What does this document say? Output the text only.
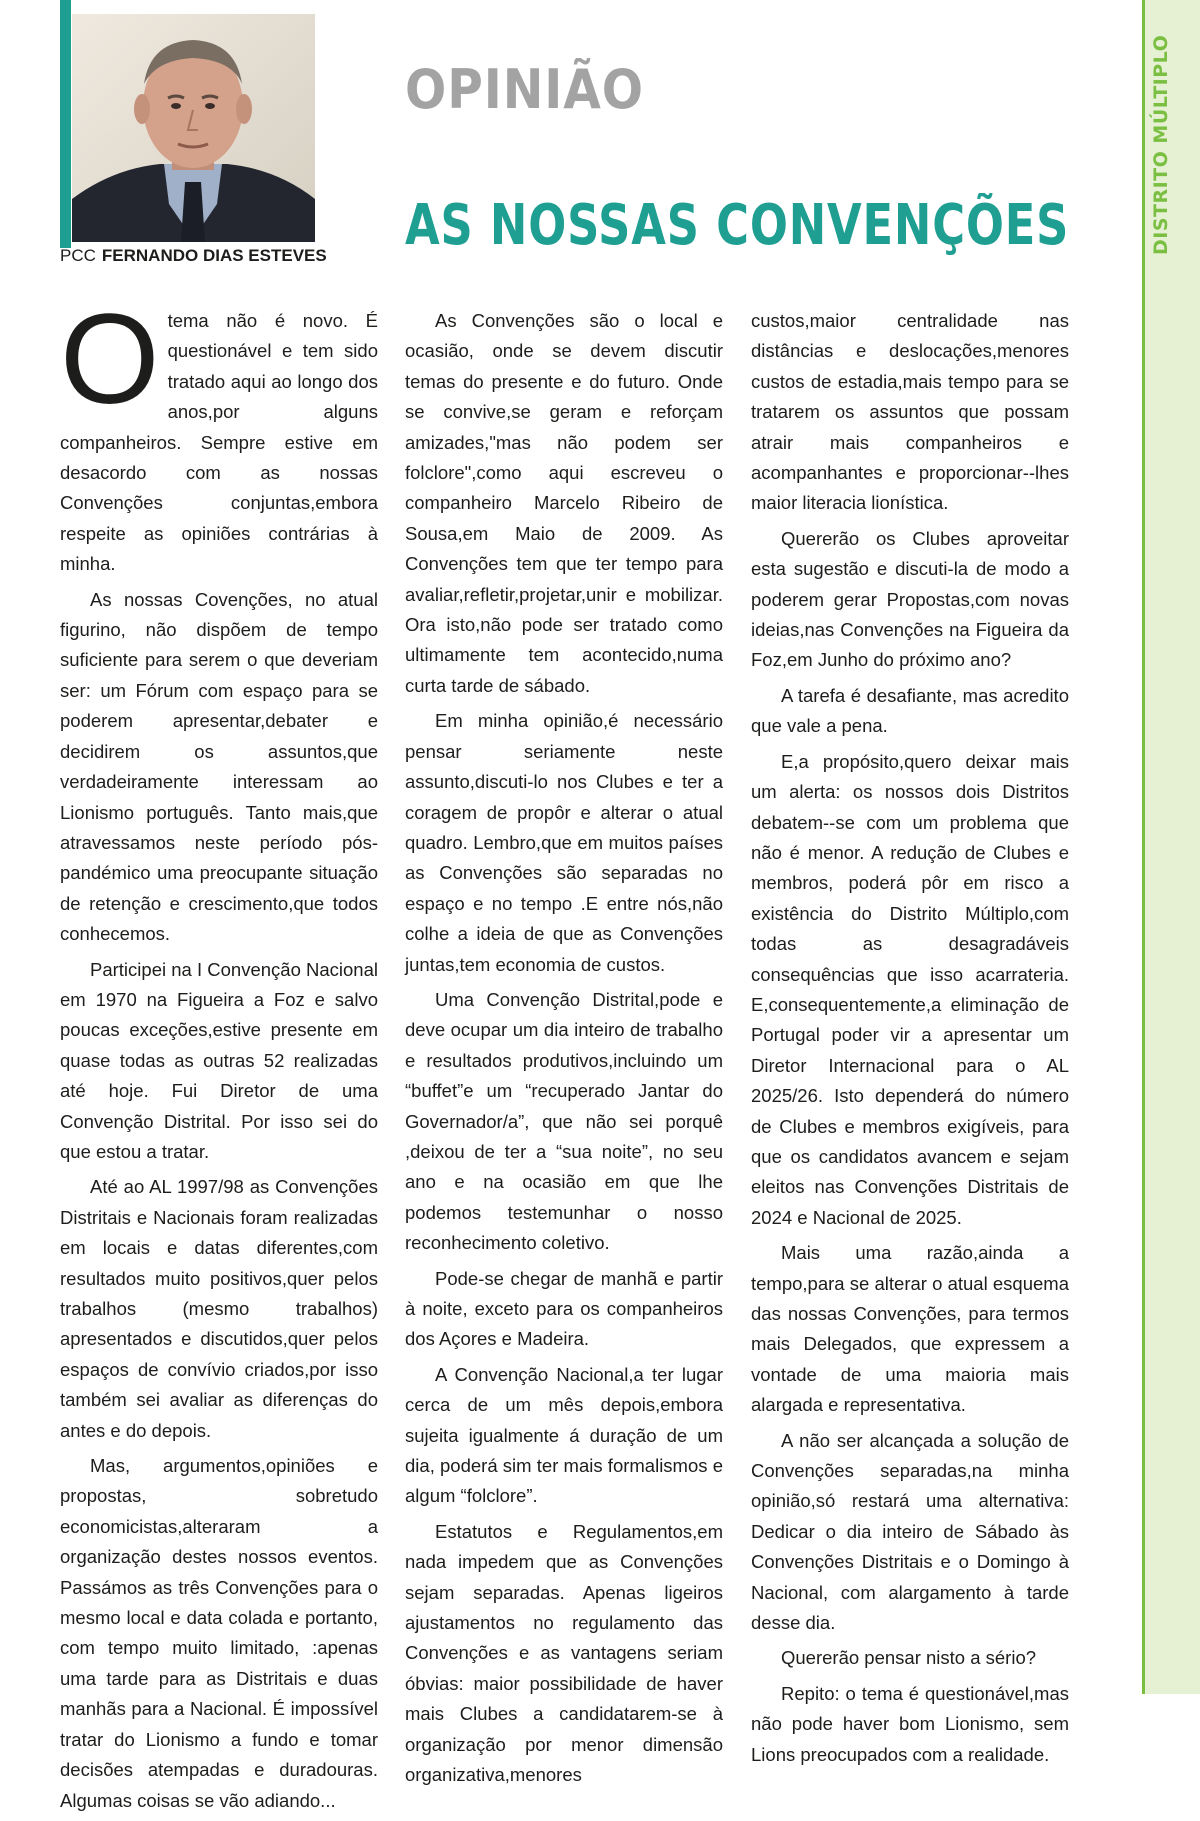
DISTRITO MÚLTIPLO
PCC FERNANDO DIAS ESTEVES
OPINIÃO
AS NOSSAS CONVENÇÕES

Otema não é novo. É questionável e tem sido tratado aqui ao longo dos anos,por alguns companheiros. Sempre estive em desacordo com as nossas Convenções conjuntas,embora respeite as opiniões contrárias à minha.

As nossas Covenções, no atual figurino, não dispõem de tempo suficiente para serem o que deveriam ser: um Fórum com espaço para se poderem apresentar,debater e decidirem os assuntos,que verdadeiramente interessam ao Lionismo português. Tanto mais,que atravessamos neste período pós-pandémico uma preocupante situação de retenção e crescimento,que todos conhecemos.

Participei na I Convenção Nacional em 1970 na Figueira a Foz e salvo poucas exceções,estive presente em quase todas as outras 52 realizadas até hoje. Fui Diretor de uma Convenção Distrital. Por isso sei do que estou a tratar.

Até ao AL 1997/98 as Convenções Distritais e Nacionais foram realizadas em locais e datas diferentes,com resultados muito positivos,quer pelos trabalhos (mesmo trabalhos) apresentados e discutidos,quer pelos espaços de convívio criados,por isso também sei avaliar as diferenças do antes e do depois.

Mas, argumentos,opiniões e propostas, sobretudo economicistas,alteraram a organização destes nossos eventos. Passámos as três Convenções para o mesmo local e data colada e portanto, com tempo muito limitado, :apenas uma tarde para as Distritais e duas manhãs para a Nacional. É impossível tratar do Lionismo a fundo e tomar decisões atempadas e duradouras. Algumas coisas se vão adiando...

As Convenções são o local e ocasião, onde se devem discutir temas do presente e do futuro. Onde se convive,se geram e reforçam amizades,"mas não podem ser folclore",como aqui escreveu o companheiro Marcelo Ribeiro de Sousa,em Maio de 2009. As Convenções tem que ter tempo para avaliar,refletir,projetar,unir e mobilizar. Ora isto,não pode ser tratado como ultimamente tem acontecido,numa curta tarde de sábado.

Em minha opinião,é necessário pensar seriamente neste assunto,discuti-lo nos Clubes e ter a coragem de propôr e alterar o atual quadro. Lembro,que em muitos países as Convenções são separadas no espaço e no tempo .E entre nós,não colhe a ideia de que as Convenções juntas,tem economia de custos.

Uma Convenção Distrital,pode e deve ocupar um dia inteiro de trabalho e resultados produtivos,incluindo um “buffet”e um “recuperado Jantar do Governador/a”, que não sei porquê ,deixou de ter a “sua noite”, no seu ano e na ocasião em que lhe podemos testemunhar o nosso reconhecimento coletivo.

Pode-se chegar de manhã e partir à noite, exceto para os companheiros dos Açores e Madeira.

A Convenção Nacional,a ter lugar cerca de um mês depois,embora sujeita igualmente á duração de um dia, poderá sim ter mais formalismos e algum “folclore”.

Estatutos e Regulamentos,em nada impedem que as Convenções sejam separadas. Apenas ligeiros ajustamentos no regulamento das Convenções e as vantagens seriam óbvias: maior possibilidade de haver mais Clubes a candidatarem-se à organização por menor dimensão organizativa,menores

custos,maior centralidade nas distâncias e deslocações,menores custos de estadia,mais tempo para se tratarem os assuntos que possam atrair mais companheiros e acompanhantes e proporcionar--lhes maior literacia lionística.

Quererão os Clubes aproveitar esta sugestão e discuti-la de modo a poderem gerar Propostas,com novas ideias,nas Convenções na Figueira da Foz,em Junho do próximo ano?

A tarefa é desafiante, mas acredito que vale a pena.

E,a propósito,quero deixar mais um alerta: os nossos dois Distritos debatem--se com um problema que não é menor. A redução de Clubes e membros, poderá pôr em risco a existência do Distrito Múltiplo,com todas as desagradáveis consequências que isso acarrateria. E,consequentemente,a eliminação de Portugal poder vir a apresentar um Diretor Internacional para o AL 2025/26. Isto dependerá do número de Clubes e membros exigíveis, para que os candidatos avancem e sejam eleitos nas Convenções Distritais de 2024 e Nacional de 2025.

Mais uma razão,ainda a tempo,para se alterar o atual esquema das nossas Convenções, para termos mais Delegados, que expressem a vontade de uma maioria mais alargada e representativa.

A não ser alcançada a solução de Convenções separadas,na minha opinião,só restará uma alternativa: Dedicar o dia inteiro de Sábado às Convenções Distritais e o Domingo à Nacional, com alargamento à tarde desse dia.

Quererão pensar nisto a sério?

Repito: o tema é questionável,mas não pode haver bom Lionismo, sem Lions preocupados com a realidade.
